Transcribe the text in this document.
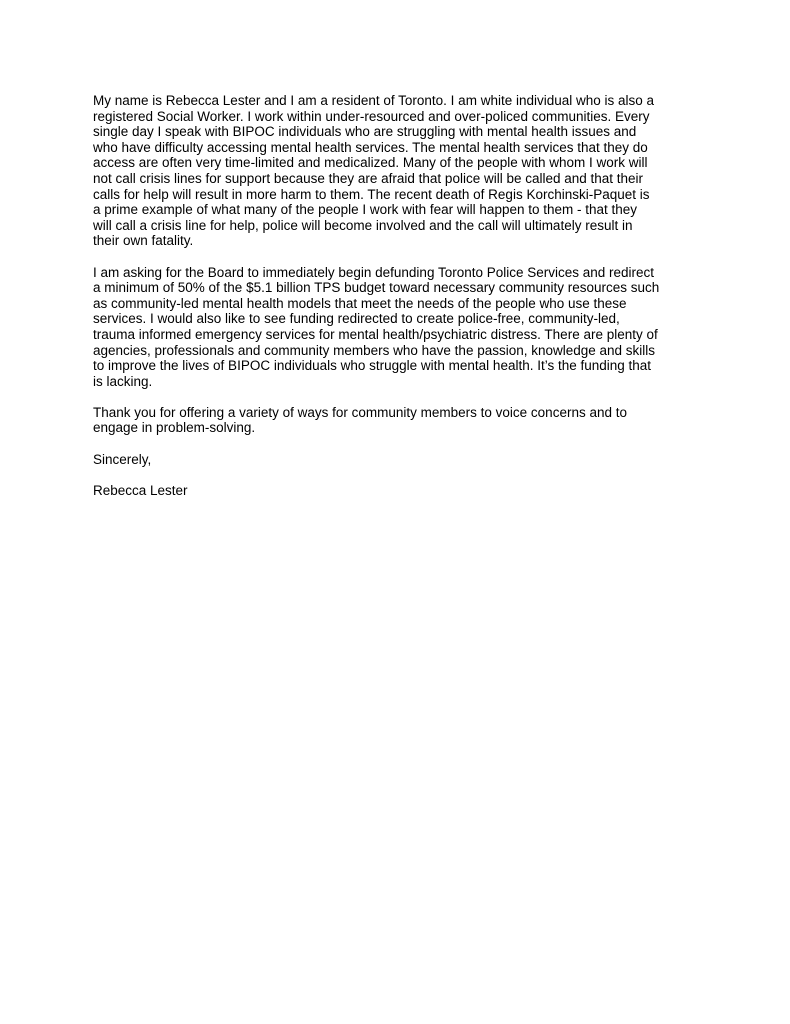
My name is Rebecca Lester and I am a resident of Toronto. I am white individual who is also a
registered Social Worker. I work within under-resourced and over-policed communities. Every
single day I speak with BIPOC individuals who are struggling with mental health issues and
who have difficulty accessing mental health services. The mental health services that they do
access are often very time-limited and medicalized. Many of the people with whom I work will
not call crisis lines for support because they are afraid that police will be called and that their
calls for help will result in more harm to them. The recent death of Regis Korchinski-Paquet is
a prime example of what many of the people I work with fear will happen to them - that they
will call a crisis line for help, police will become involved and the call will ultimately result in
their own fatality.

I am asking for the Board to immediately begin defunding Toronto Police Services and redirect
a minimum of 50% of the $5.1 billion TPS budget toward necessary community resources such
as community-led mental health models that meet the needs of the people who use these
services. I would also like to see funding redirected to create police-free, community-led,
trauma informed emergency services for mental health/psychiatric distress. There are plenty of
agencies, professionals and community members who have the passion, knowledge and skills
to improve the lives of BIPOC individuals who struggle with mental health. It’s the funding that
is lacking.

Thank you for offering a variety of ways for community members to voice concerns and to
engage in problem-solving.

Sincerely,

Rebecca Lester
